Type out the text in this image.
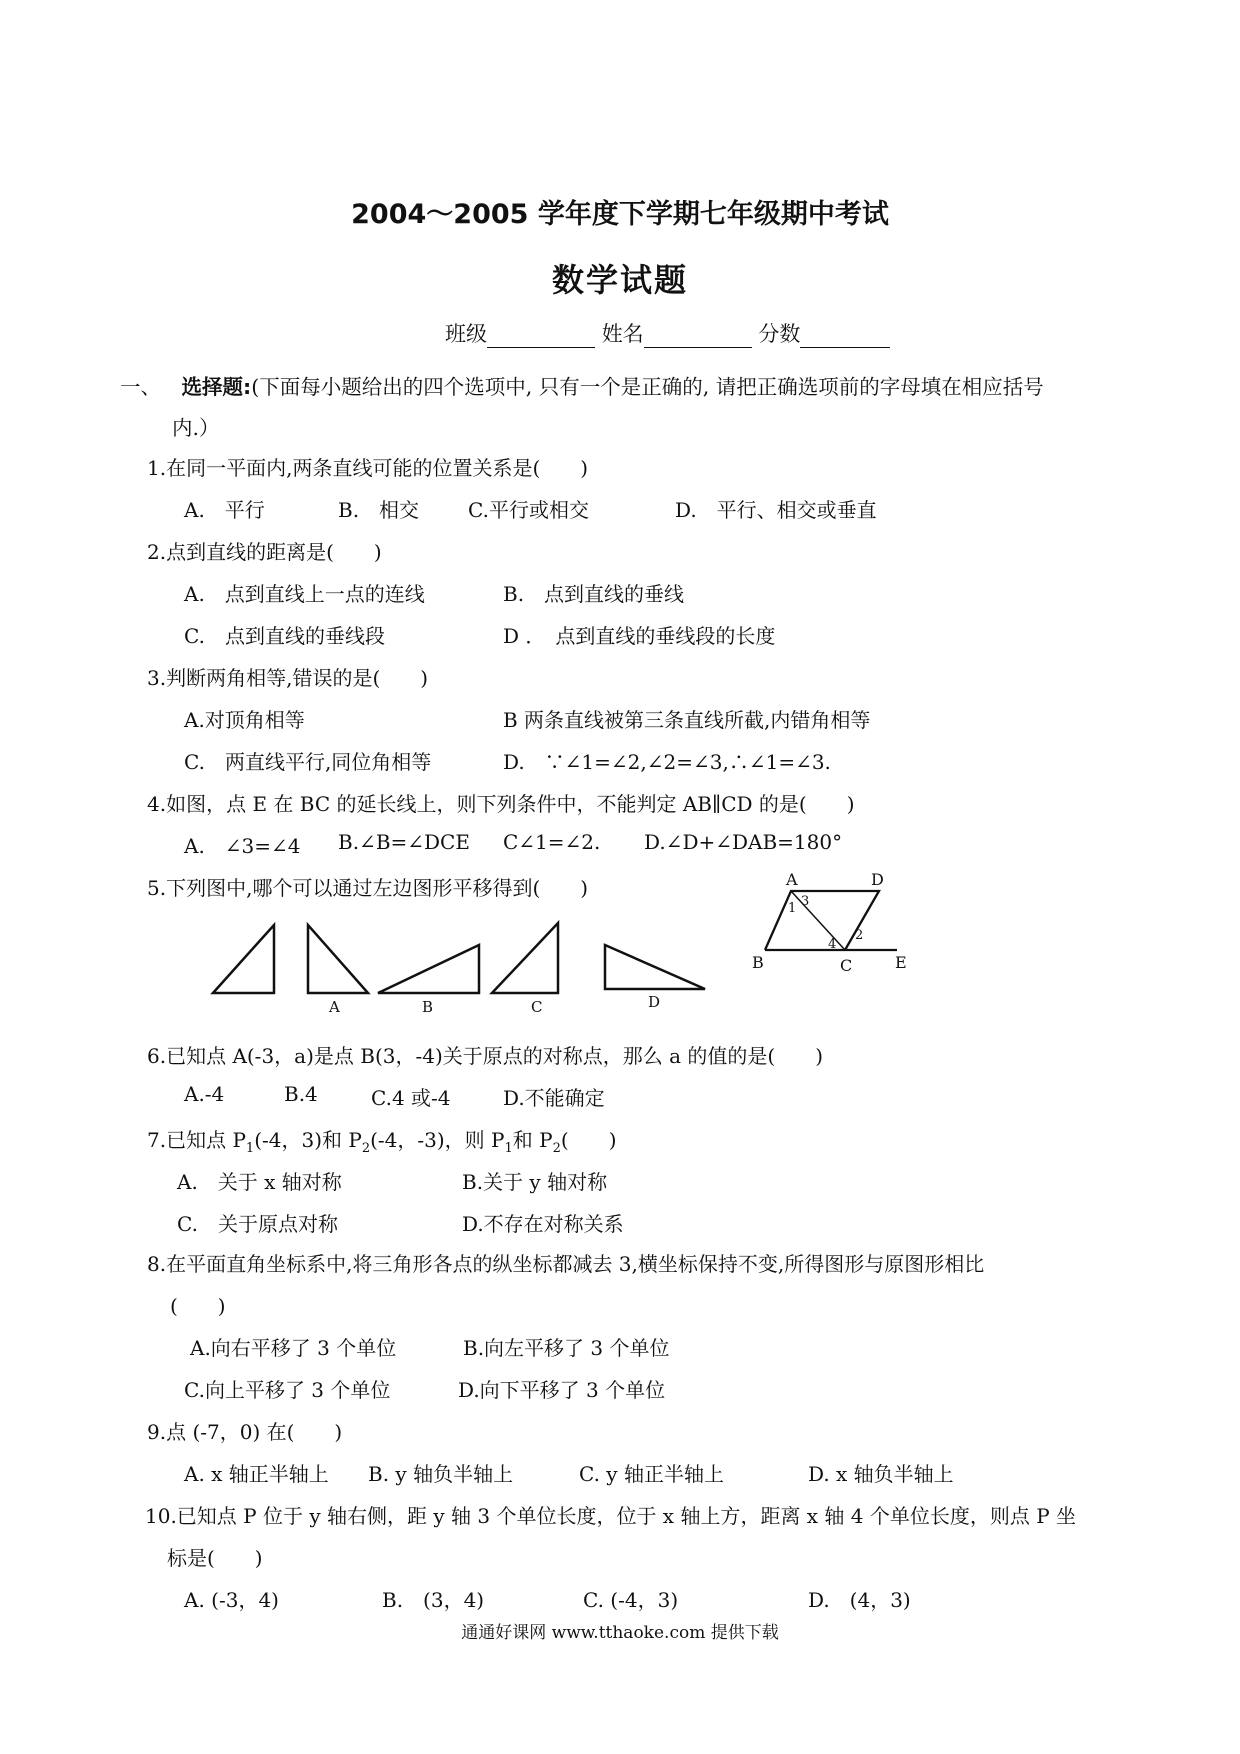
2004～2005 学年度下学期七年级期中考试
数学试题
班级	姓名	分数
一、 选择题:(下面每小题给出的四个选项中, 只有一个是正确的, 请把正确选项前的字母填在相应括号
内.）
1.在同一平面内,两条直线可能的位置关系是(　　)
A.　平行	B.　相交 C.平行或相交	D.　平行、相交或垂直
2.点到直线的距离是(　　)
A.　点到直线上一点的连线	B.　点到直线的垂线
C.　点到直线的垂线段	D ．　点到直线的垂线段的长度
3.判断两角相等,错误的是(　　)
A.对顶角相等	B 两条直线被第三条直线所截,内错角相等
C.　两直线平行,同位角相等	D.　∵∠1=∠2,∠2=∠3,∴∠1=∠3.
4.如图，点 E 在 BC 的延长线上，则下列条件中，不能判定 AB∥CD 的是(　　)
A.　∠3=∠4 B.∠B=∠DCE C∠1=∠2. D.∠D+∠DAB=180°
5.下列图中,哪个可以通过左边图形平移得到(　　)
A	B	C	D
A	D
B	C	E
1
2
3
4
6.已知点 A(-3，a)是点 B(3，-4)关于原点的对称点，那么 a 的值的是(　　)
A.-4	B.4	C.4 或-4	D.不能确定
7.已知点 $P_1(-4$，3)和 $P_2(-4$，-3)，则 $P_1$和 $P_2$(　　)
A.　关于 x 轴对称	B.关于 y 轴对称
C.　关于原点对称	D.不存在对称关系
8.在平面直角坐标系中,将三角形各点的纵坐标都减去 3,横坐标保持不变,所得图形与原图形相比
(　　)
A.向右平移了 3 个单位	B.向左平移了 3 个单位
C.向上平移了 3 个单位	D.向下平移了 3 个单位
9.点 (-7，0) 在(　　)
A. x 轴正半轴上 B. y 轴负半轴上	C. y 轴正半轴上	D. x 轴负半轴上
10.已知点 P 位于 y 轴右侧，距 y 轴 3 个单位长度，位于 x 轴上方，距离 x 轴 4 个单位长度，则点 P 坐
标是(　　)
A. (-3，4)	B.　(3，4)	C. (-4，3)	D.　(4，3)
通通好课网 www.tthaoke.com 提供下载
